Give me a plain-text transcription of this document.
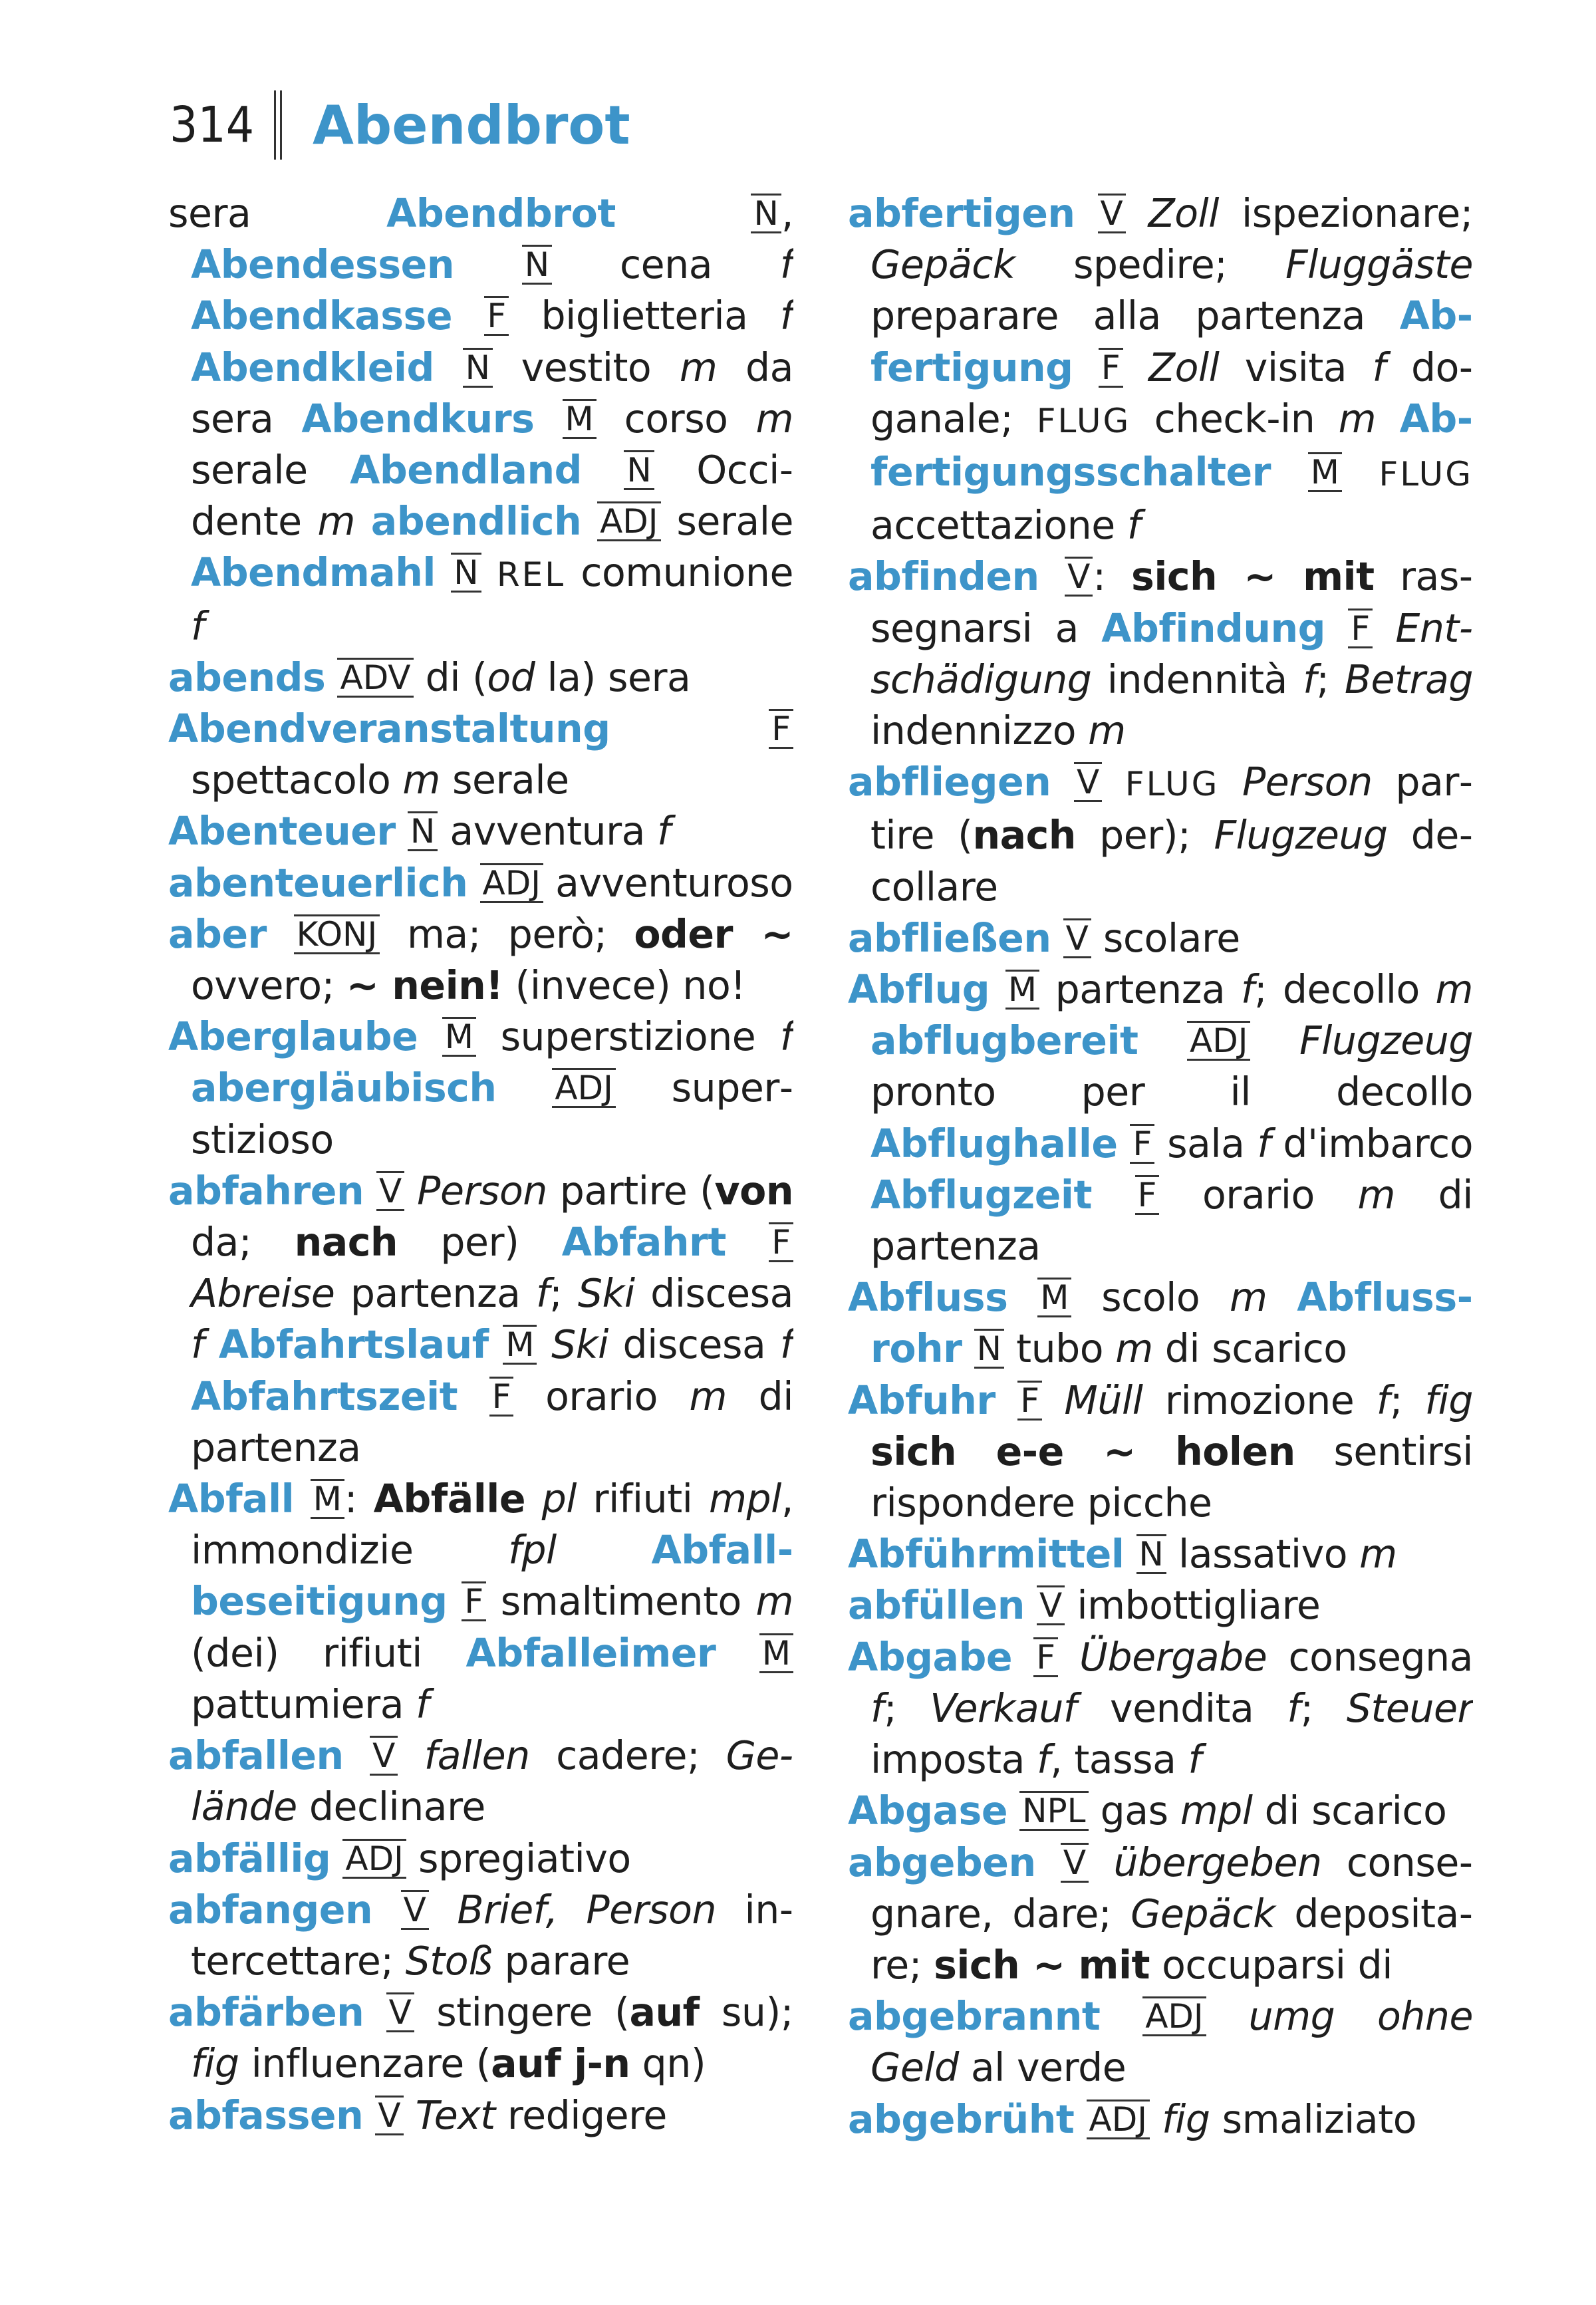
314 Abendbrot
sera Abendbrot	N, Abendessen N cena f Abendkasse F biglietteria f Abendkleid N vestito m da sera Abendkurs M corso m serale Abendland N Occidente m abendlich ADJ serale Abendmahl N REL comunione f
abends ADV di (od la) sera
Abendveranstaltung	F spettacolo m serale
Abenteuer N avventura f
abenteuerlich ADJ avventuroso
aber KONJ ma; però; oder ~ ovvero; ~ nein! (invece) no!
Aberglaube M superstizione f abergläubisch ADJ superstizioso
abfahren V Person partire (von da; nach per) Abfahrt F Abreise partenza f; Ski discesa f Abfahrtslauf M Ski discesa f Abfahrtszeit F orario m di partenza
Abfall M: Abfälle pl rifiuti mpl, immondizie fpl Abfallbeseitigung F smaltimento m (dei) rifiuti Abfalleimer M pattumiera f
abfallen V fallen cadere; Gelände declinare
abfällig ADJ spregiativo
abfangen V Brief, Person intercettare; Stoß parare
abfärben V stingere (auf su); fig influenzare (auf j-n qn)
abfassen V Text redigere
abfertigen V Zoll ispezionare; Gepäck spedire; Fluggäste preparare alla partenza Abfertigung F Zoll visita f doganale; FLUG check-in m Abfertigungsschalter M FLUG accettazione f
abfinden V: sich ~ mit rassegnarsi a Abfindung F Entschädigung indennità f; Betrag indennizzo m
abfliegen V FLUG Person partire (nach per); Flugzeug decollare
abfließen V scolare
Abflug M partenza f; decollo m abflugbereit ADJ Flugzeug pronto per il decollo Abflughalle F sala f d'imbarco Abflugzeit F orario m di partenza
Abfluss M scolo m Abflussrohr N tubo m di scarico
Abfuhr F Müll rimozione f; fig sich e-e ~ holen sentirsi rispondere picche
Abführmittel N lassativo m
abfüllen V imbottigliare
Abgabe F Übergabe consegna f; Verkauf vendita f; Steuer imposta f, tassa f
Abgase NPL gas mpl di scarico
abgeben V übergeben consegnare, dare; Gepäck depositare; sich ~ mit occuparsi di
abgebrannt ADJ umg ohne Geld al verde
abgebrüht ADJ fig smaliziato
